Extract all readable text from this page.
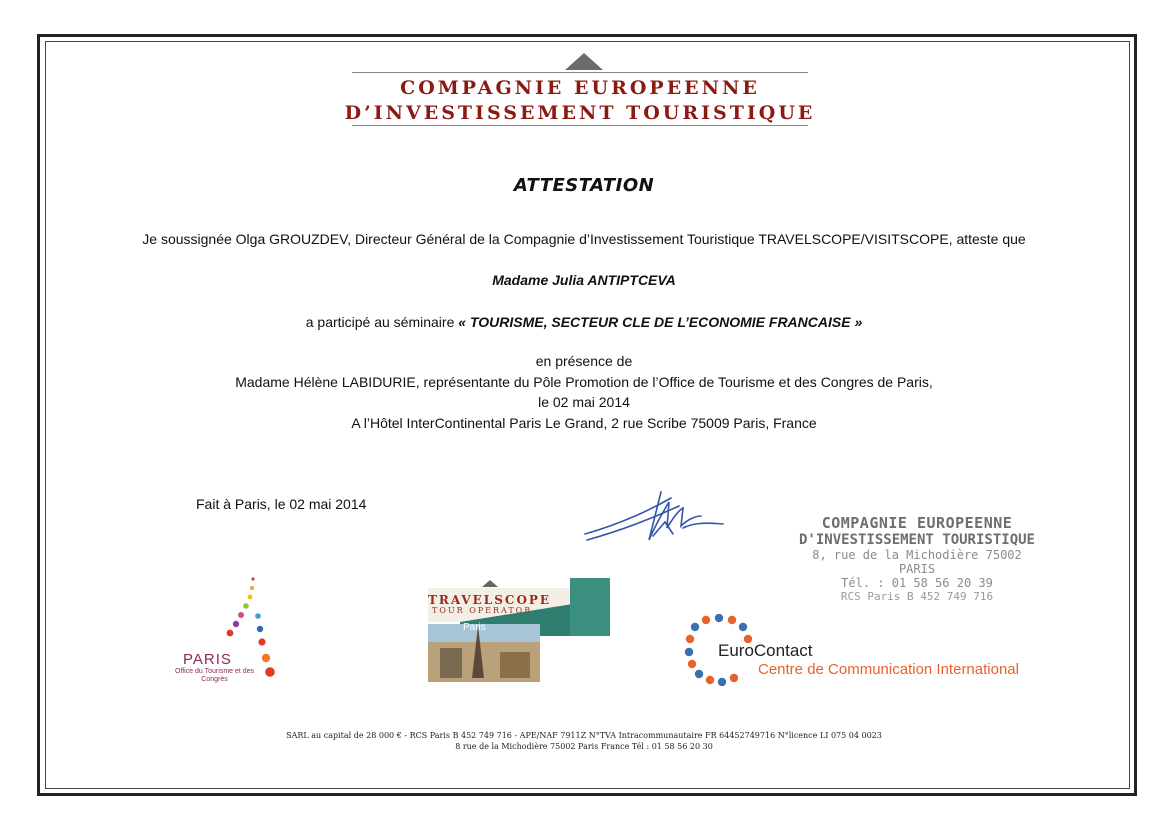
COMPAGNIE EUROPEENNE
D’INVESTISSEMENT TOURISTIQUE
ATTESTATION
Je soussignée Olga GROUZDEV, Directeur Général de la Compagnie d’Investissement Touristique TRAVELSCOPE/VISITSCOPE, atteste que
Madame Julia ANTIPTCEVA
a participé au séminaire « TOURISME, SECTEUR CLE DE L’ECONOMIE FRANCAISE »
en présence de
Madame Hélène LABIDURIE, représentante du Pôle Promotion de l’Office de Tourisme et des Congres de Paris,
le 02 mai 2014
A l’Hôtel InterContinental Paris Le Grand, 2 rue Scribe 75009 Paris, France
Fait à Paris, le 02 mai 2014
COMPAGNIE EUROPEENNE
D'INVESTISSEMENT TOURISTIQUE
8, rue de la Michodière 75002 PARIS
Tél. : 01 58 56 20 39
RCS Paris B 452 749 716
PARIS
Office du Tourisme et des Congrès
TRAVELSCOPE
TOUR OPERATOR
Paris
EuroContact
Centre de Communication International
SARL au capital de 28 000 € - RCS Paris B 452 749 716 - APE/NAF 7911Z N°TVA Intracommunautaire FR 64452749716 N°licence LI 075 04 0023
8 rue de la Michodière 75002 Paris France Tél : 01 58 56 20 30
